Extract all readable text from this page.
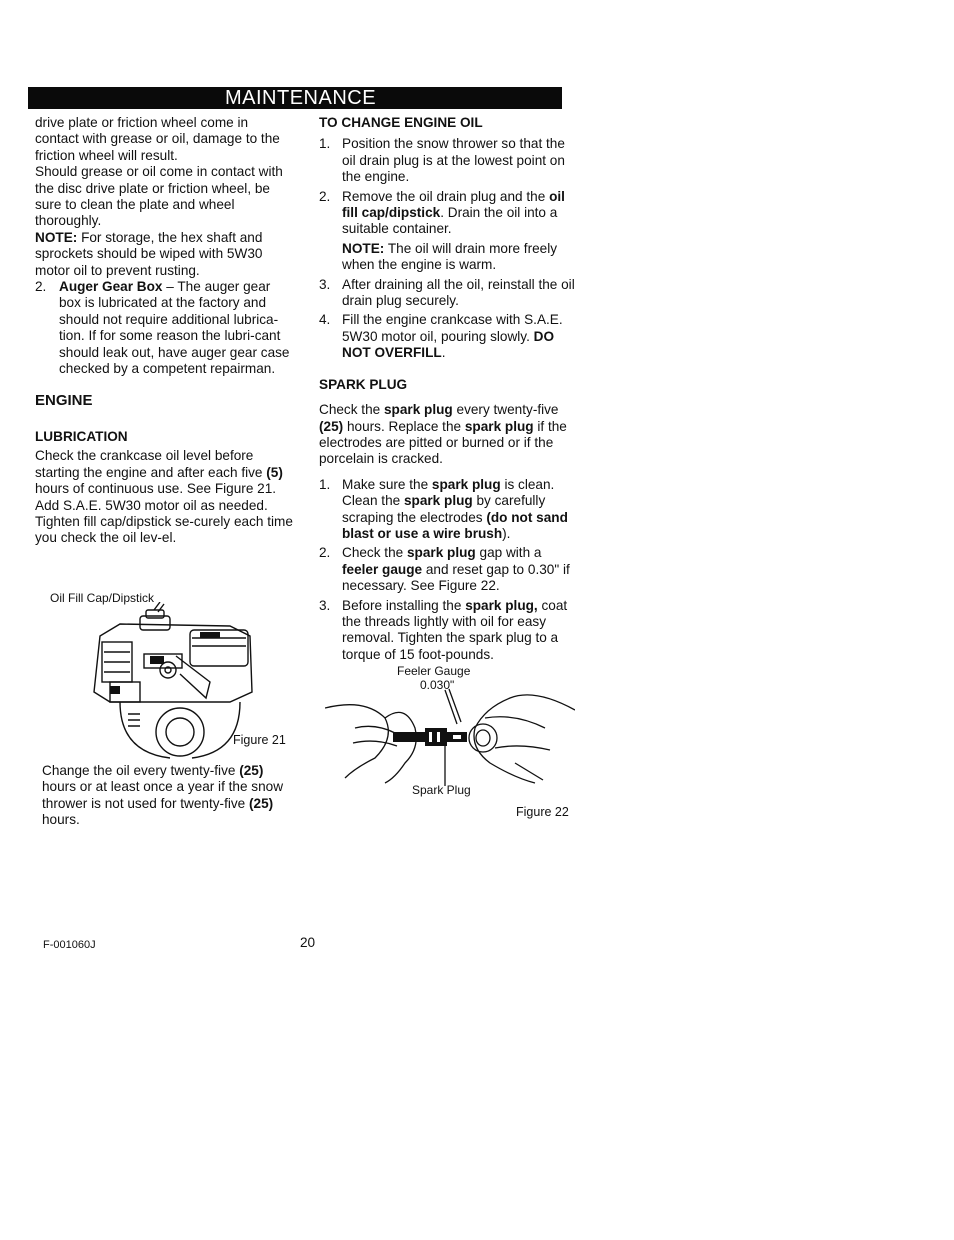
MAINTENANCE

drive plate or friction wheel come in contact with grease or oil, damage to the friction wheel will result.

Should grease or oil come in contact with the disc drive plate or friction wheel, be sure to clean the plate and wheel thoroughly.

NOTE: For storage, the hex shaft and sprockets should be wiped with 5W30 motor oil to prevent rusting.

2. Auger Gear Box – The auger gear box is lubricated at the factory and should not require additional lubrica-tion. If for some reason the lubri-cant should leak out, have auger gear case checked by a competent repairman.

ENGINE

LUBRICATION

Check the crankcase oil level before starting the engine and after each five (5) hours of continuous use. See Figure 21. Add S.A.E. 5W30 motor oil as needed. Tighten fill cap/dipstick se-curely each time you check the oil lev-el.

Oil Fill Cap/Dipstick
Figure 21

Change the oil every twenty-five (25) hours or at least once a year if the snow thrower is not used for twenty-five (25) hours.

TO CHANGE ENGINE OIL

1. Position the snow thrower so that the oil drain plug is at the lowest point on the engine.

2. Remove the oil drain plug and the oil fill cap/dipstick. Drain the oil into a suitable container.

NOTE: The oil will drain more freely when the engine is warm.

3. After draining all the oil, reinstall the oil drain plug securely.

4. Fill the engine crankcase with S.A.E. 5W30 motor oil, pouring slowly. DO NOT OVERFILL.

SPARK PLUG

Check the spark plug every twenty-five (25) hours. Replace the spark plug if the electrodes are pitted or burned or if the porcelain is cracked.

1. Make sure the spark plug is clean. Clean the spark plug by carefully scraping the electrodes (do not sand blast or use a wire brush).

2. Check the spark plug gap with a feeler gauge and reset gap to 0.30" if necessary. See Figure 22.

3. Before installing the spark plug, coat the threads lightly with oil for easy removal. Tighten the spark plug to a torque of 15 foot-pounds.

Feeler Gauge
0.030"
Spark Plug
Figure 22
F-001060J	20
